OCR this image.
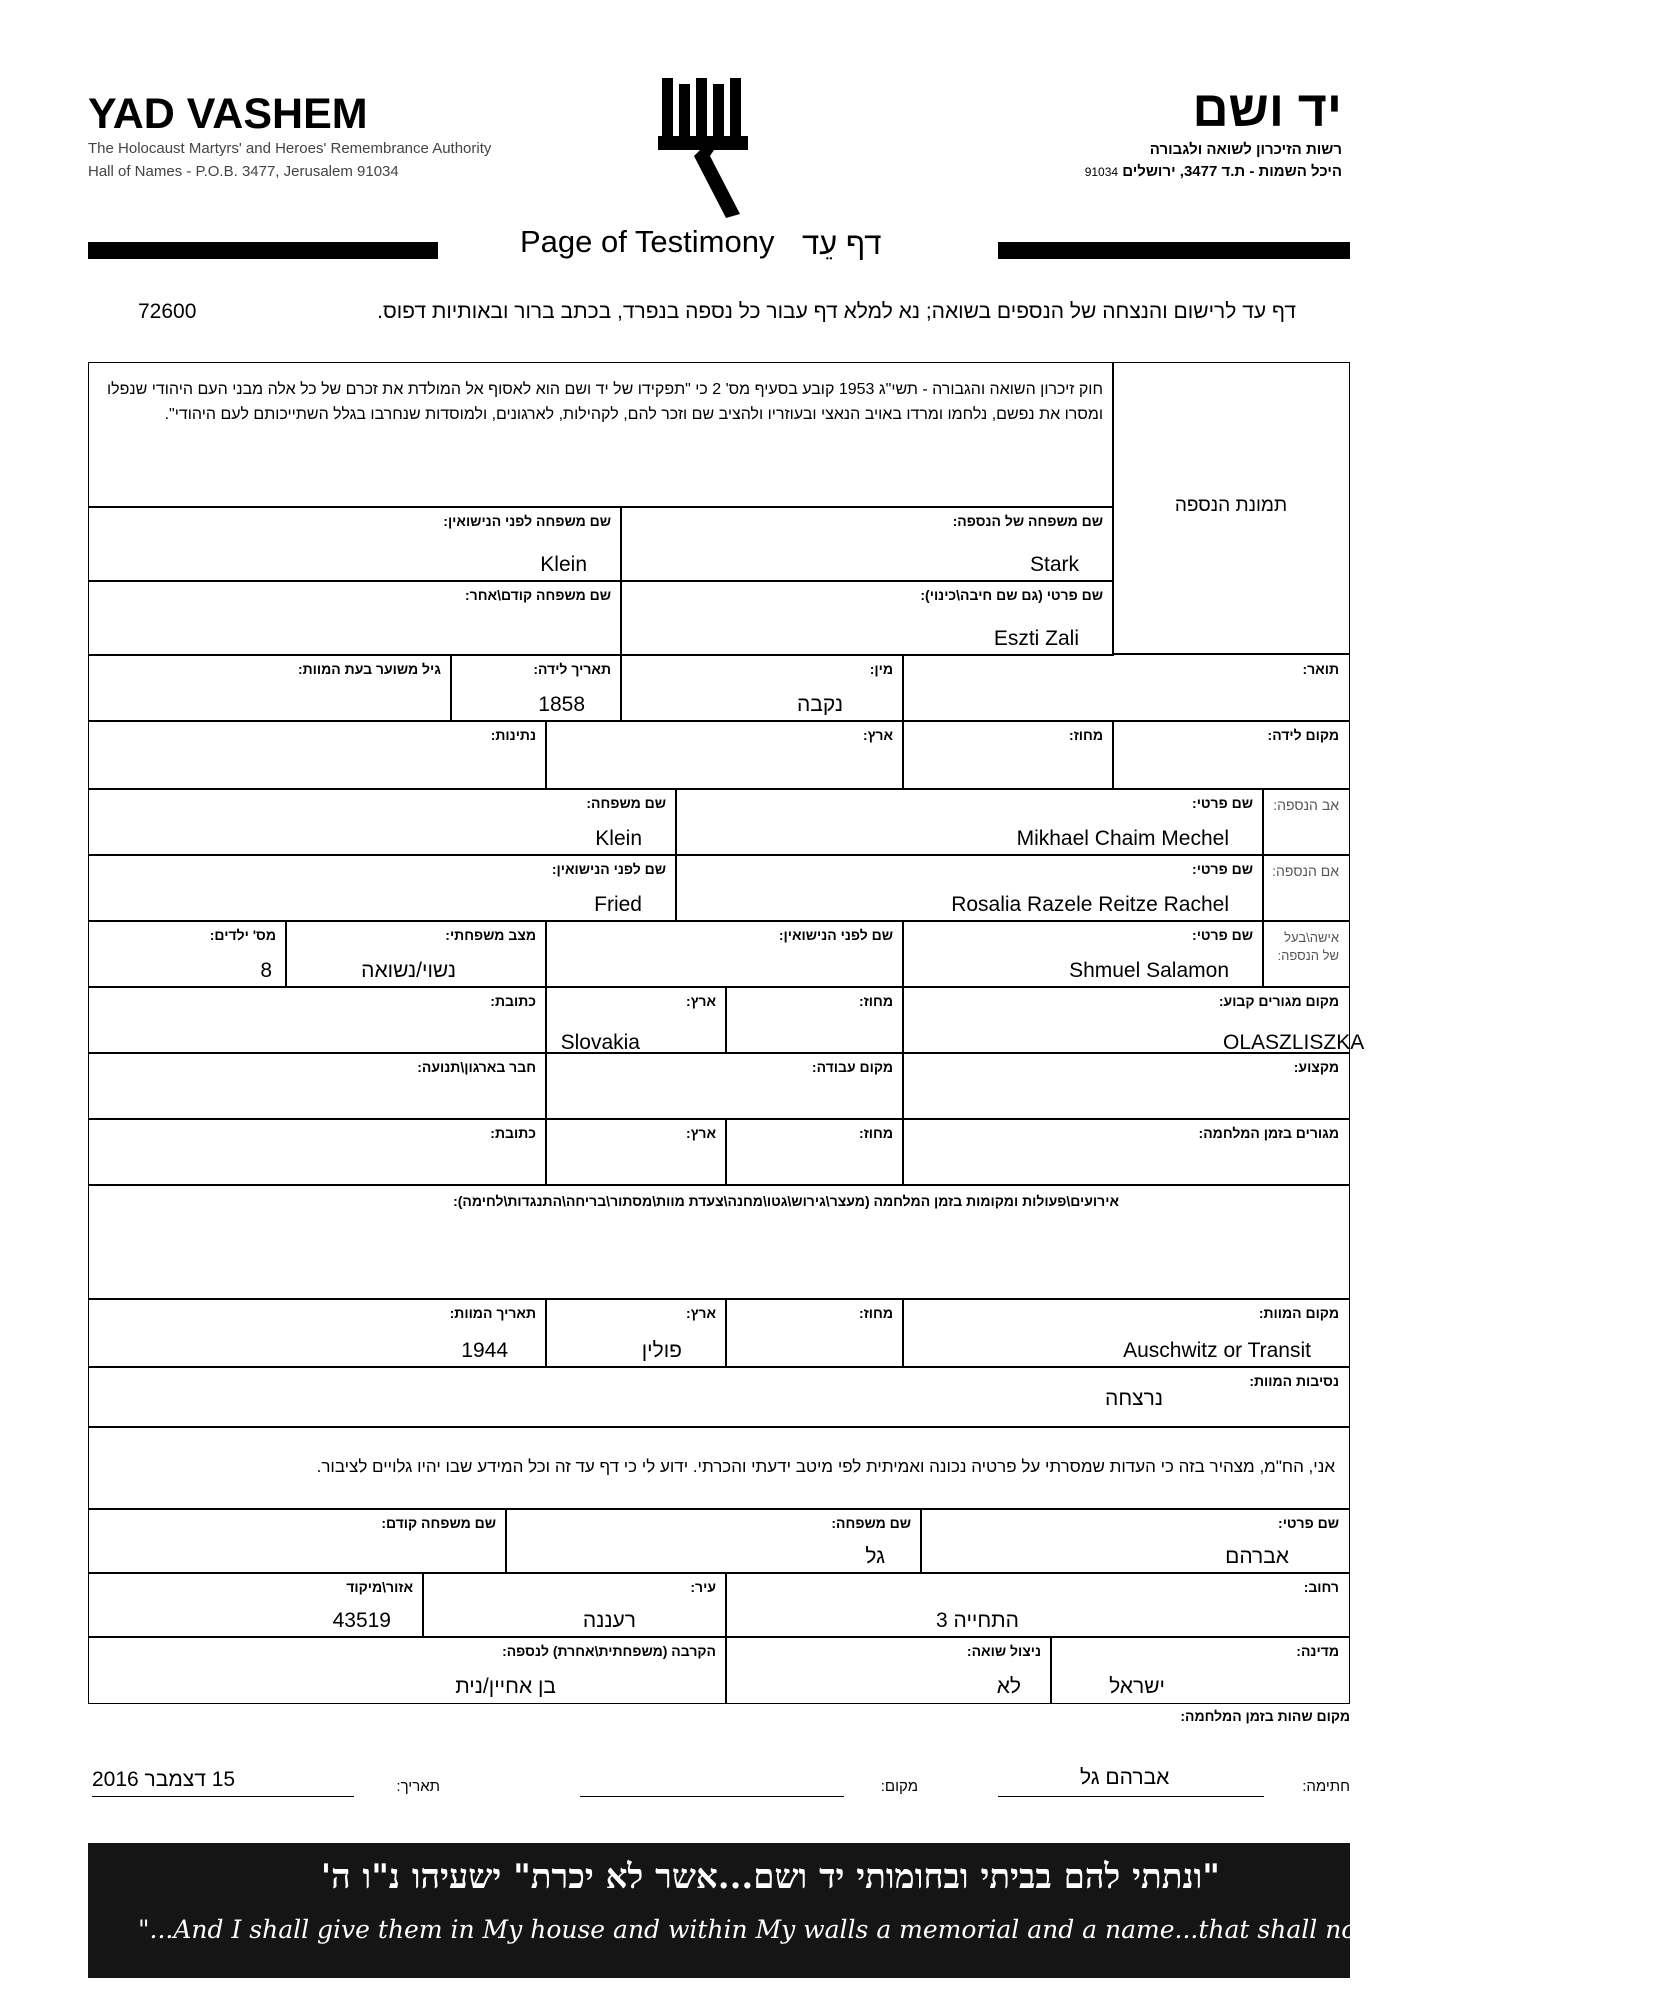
YAD VASHEM
The Holocaust Martyrs' and Heroes' Remembrance Authority
Hall of Names - P.O.B. 3477, Jerusalem 91034
יד ושם
רשות הזיכרון לשואה ולגבורה
היכל השמות - ת.ד 3477, ירושלים 91034
Page of Testimony דף עֵד
דף עד לרישום והנצחה של הנספים בשואה; נא למלא דף עבור כל נספה בנפרד, בכתב ברור ובאותיות דפוס.
72600
חוק זיכרון השואה והגבורה - תשי"ג 1953 קובע בסעיף מס' 2 כי "תפקידו של יד ושם הוא לאסוף אל המולדת את זכרם של כל אלה מבני העם היהודי שנפלו ומסרו את נפשם, נלחמו ומרדו באויב הנאצי ובעוזריו ולהציב שם וזכר להם, לקהילות, לארגונים, ולמוסדות שנחרבו בגלל השתייכותם לעם היהודי".
תמונת הנספה
שם משפחה של הנספה:
Stark
שם משפחה לפני הנישואין:
Klein
שם פרטי (גם שם חיבה\כינוי):
Eszti Zali
שם משפחה קודם\אחר:
תואר:
מין:
נקבה
תאריך לידה:
1858
גיל משוער בעת המוות:
מקום לידה:
מחוז:
ארץ:
נתינות:
אב הנספה:
שם פרטי:
Mikhael Chaim Mechel
שם משפחה:
Klein
אם הנספה:
שם פרטי:
Rosalia Razele Reitze Rachel
שם לפני הנישואין:
Fried
אישה\בעל
של הנספה:
שם פרטי:
Shmuel Salamon
שם לפני הנישואין:
מצב משפחתי:
נשוי/נשואה
מס' ילדים:
8
מקום מגורים קבוע:
OLASZLISZKA
מחוז:
ארץ:
Slovakia
כתובת:
מקצוע:
מקום עבודה:
חבר בארגון\תנועה:
מגורים בזמן המלחמה:
מחוז:
ארץ:
כתובת:
אירועים\פעולות ומקומות בזמן המלחמה (מעצר\גירוש\גטו\מחנה\צעדת מוות\מסתור\בריחה\התנגדות\לחימה):
מקום המוות:
Auschwitz or Transit
מחוז:
ארץ:
פולין
תאריך המוות:
1944
נסיבות המוות:
נרצחה
אני, הח"מ, מצהיר בזה כי העדות שמסרתי על פרטיה נכונה ואמיתית לפי מיטב ידעתי והכרתי. ידוע לי כי דף עד זה וכל המידע שבו יהיו גלויים לציבור.
שם פרטי:
אברהם
שם משפחה:
גל
שם משפחה קודם:
רחוב:
התחייה 3
עיר:
רעננה
אזור\מיקוד
43519
מדינה:
ישראל
ניצול שואה:
לא
הקרבה (משפחתית\אחרת) לנספה:
בן אחיין/נית
מקום שהות בזמן המלחמה:
חתימה:
אברהם גל
מקום:
תאריך:
15 דצמבר 2016
"ונתתי להם בביתי ובחומותי יד ושם...אשר לא יכרת" ישעיהו נ"ו ה'
"...And I shall give them in My house and within My walls a memorial and a name...that shall not be cut off" Isaiah, 56:5
